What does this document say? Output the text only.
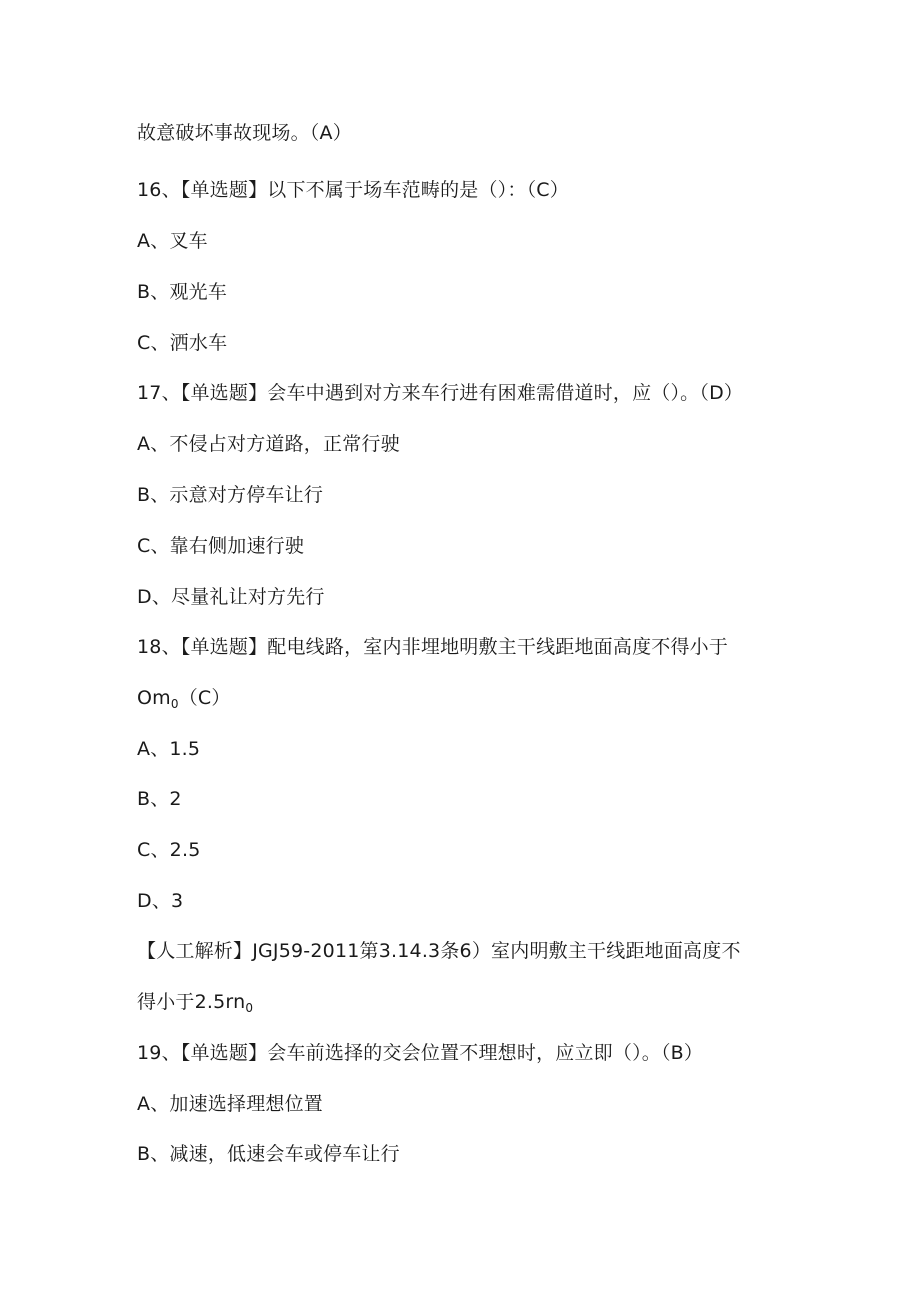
故意破坏事故现场。（A）
16、【单选题】以下不属于场车范畴的是（）：（C）
A、叉车
B、观光车
C、洒水车
17、【单选题】会车中遇到对方来车行进有困难需借道时，应（）。（D）
A、不侵占对方道路，正常行驶
B、示意对方停车让行
C、靠右侧加速行驶
D、尽量礼让对方先行
18、【单选题】配电线路，室内非埋地明敷主干线距地面高度不得小于
$Om_0(C)$
A、1.5
B、2
C、2.5
D、3
【人工解析】JGJ59-2011第3.14.3条6）室内明敷主干线距地面高度不
得小于$2.5rn_0$
19、【单选题】会车前选择的交会位置不理想时，应立即（）。（B）
A、加速选择理想位置
B、减速，低速会车或停车让行
